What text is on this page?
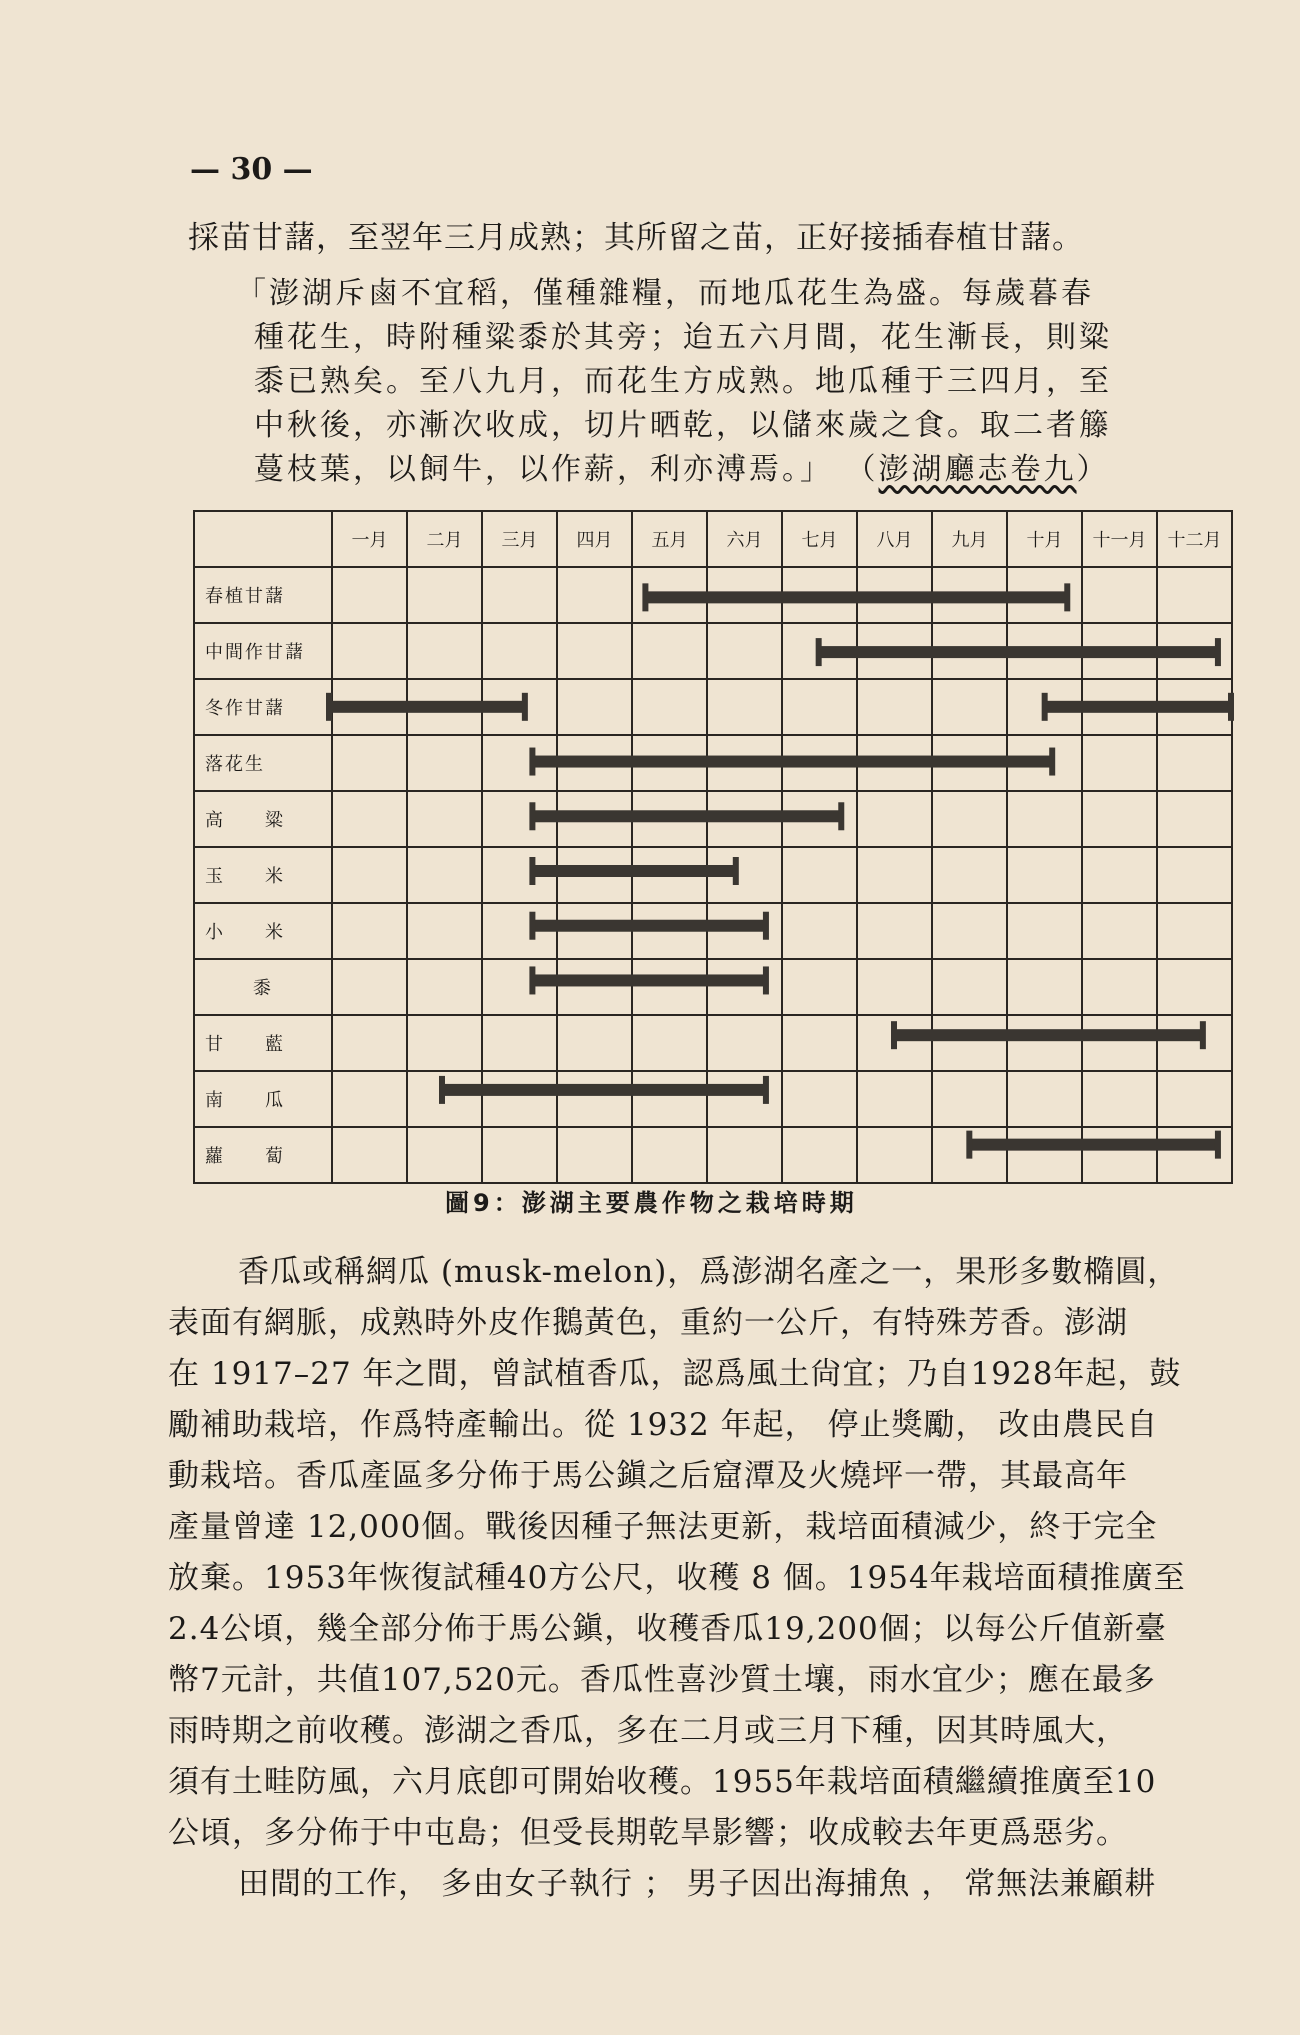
— 30 —
採苗甘藷，至翌年三月成熟；其所留之苗，正好接插春植甘藷。
「澎湖斥鹵不宜稻，僅種雜糧，而地瓜花生為盛。每歲暮春
種花生，時附種粱黍於其旁；迨五六月間，花生漸長，則粱
黍已熟矣。至八九月，而花生方成熟。地瓜種于三四月，至
中秋後，亦漸次收成，切片晒乾，以儲來歲之食。取二者籐
蔓枝葉，以飼牛，以作薪，利亦溥焉。」 （澎湖廳志卷九）
	一月	二月	三月	四月	五月	六月	七月	八月	九月	十月	十一月	十二月
春植甘藷												
中間作甘藷												
冬作甘藷												
落花生												
高　　粱												
玉　　米												
小　　米												
黍												
甘　　藍												
南　　瓜												
蘿　　蔔												
圖9：澎湖主要農作物之栽培時期
香瓜或稱網瓜 (musk-melon)，爲澎湖名產之一，果形多數橢圓，
表面有網脈，成熟時外皮作鵝黃色，重約一公斤，有特殊芳香。澎湖
在 1917–27 年之間，曾試植香瓜，認爲風土尙宜；乃自1928年起，鼓
勵補助栽培，作爲特產輸出。從 1932 年起， 停止獎勵， 改由農民自
動栽培。香瓜產區多分佈于馬公鎭之后窟潭及火燒坪一帶，其最高年
產量曾達 12,000個。戰後因種子無法更新，栽培面積減少，終于完全
放棄。1953年恢復試種40方公尺，收穫 8 個。1954年栽培面積推廣至
2.4公頃，幾全部分佈于馬公鎭，收穫香瓜19,200個；以每公斤值新臺
幣7元計，共值107,520元。香瓜性喜沙質土壤，雨水宜少；應在最多
雨時期之前收穫。澎湖之香瓜，多在二月或三月下種，因其時風大，
須有土畦防風，六月底卽可開始收穫。1955年栽培面積繼續推廣至10
公頃，多分佈于中屯島；但受長期乾旱影響；收成較去年更爲惡劣。
田間的工作， 多由女子執行 ； 男子因出海捕魚 ， 常無法兼顧耕
